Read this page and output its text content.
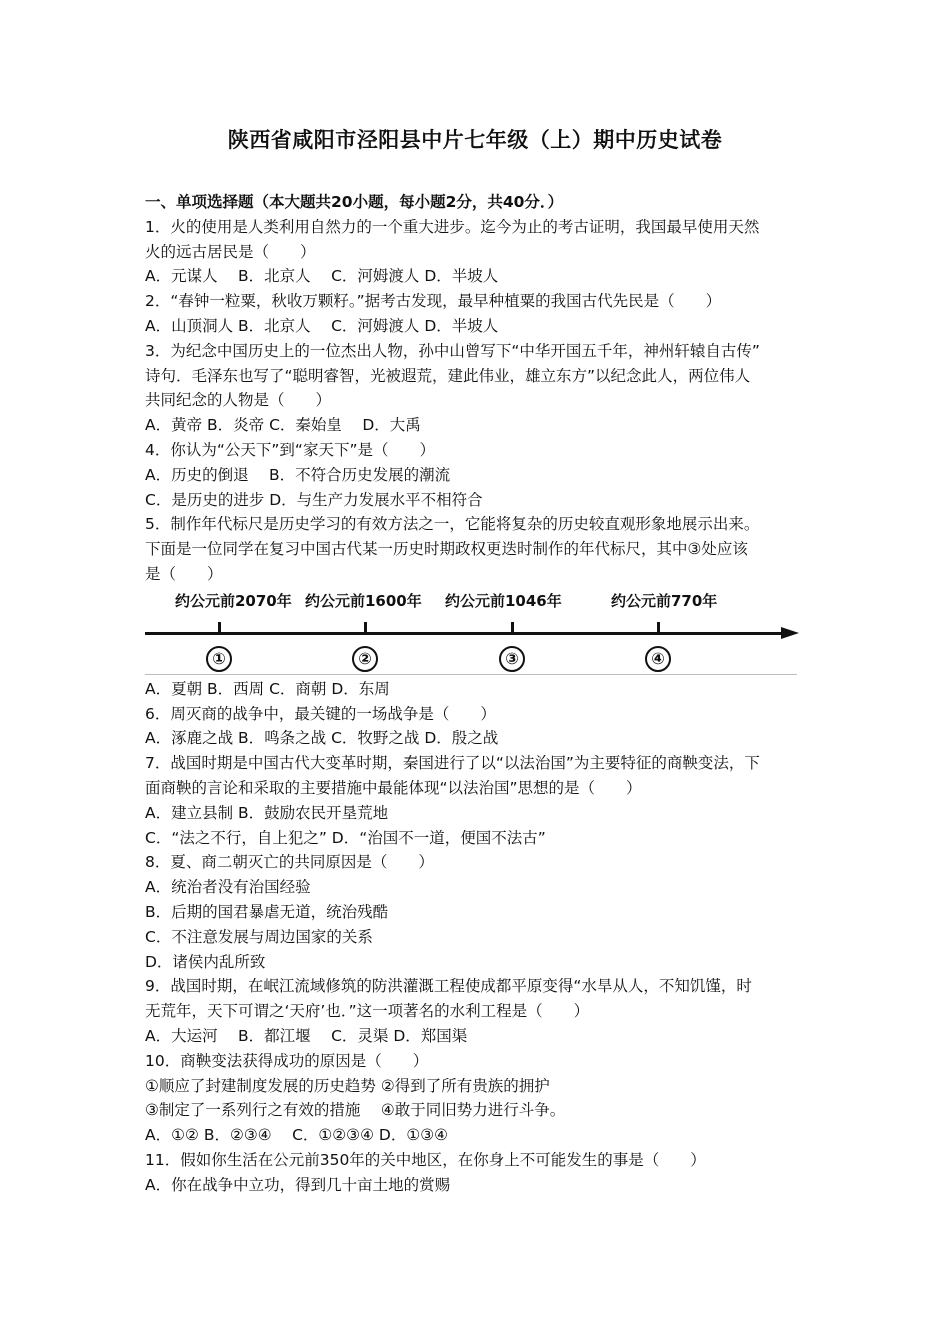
陕西省咸阳市泾阳县中片七年级（上）期中历史试卷
一、单项选择题（本大题共20小题，每小题2分，共40分．）
1．火的使用是人类利用自然力的一个重大进步。迄今为止的考古证明，我国最早使用天然
火的远古居民是（　　）
A．元谋人　 B．北京人　 C．河姆渡人 D．半坡人
2．“春钟一粒粟，秋收万颗籽。”据考古发现，最早种植粟的我国古代先民是（　　）
A．山顶洞人 B．北京人　 C．河姆渡人 D．半坡人
3．为纪念中国历史上的一位杰出人物，孙中山曾写下“中华开国五千年，神州轩辕自古传”
诗句．毛泽东也写了“聪明睿智，光被遐荒，建此伟业，雄立东方”以纪念此人，两位伟人
共同纪念的人物是（　　）
A．黄帝 B．炎帝 C．秦始皇　 D．大禹
4．你认为“公天下”到“家天下”是（　　）
A．历史的倒退　 B．不符合历史发展的潮流
C．是历史的进步 D．与生产力发展水平不相符合
5．制作年代标尺是历史学习的有效方法之一，它能将复杂的历史较直观形象地展示出来。
下面是一位同学在复习中国古代某一历史时期政权更迭时制作的年代标尺，其中③处应该
是（　　）
约公元前2070年 约公元前1600年 约公元前1046年	约公元前770年
①	②	③	④
A．夏朝 B．西周 C．商朝 D．东周
6．周灭商的战争中，最关键的一场战争是（　　）
A．涿鹿之战 B．鸣条之战 C．牧野之战 D．殷之战
7．战国时期是中国古代大变革时期，秦国进行了以“以法治国”为主要特征的商鞅变法，下
面商鞅的言论和采取的主要措施中最能体现“以法治国”思想的是（　　）
A．建立县制 B．鼓励农民开垦荒地
C．“法之不行，自上犯之” D．“治国不一道，便国不法古”
8．夏、商二朝灭亡的共同原因是（　　）
A．统治者没有治国经验
B．后期的国君暴虐无道，统治残酷
C．不注意发展与周边国家的关系
D．诸侯内乱所致
9．战国时期，在岷江流域修筑的防洪灌溉工程使成都平原变得“水旱从人，不知饥馑，时
无荒年，天下可谓之‘天府’也．”这一项著名的水利工程是（　　）
A．大运河　 B．都江堰　 C．灵渠 D．郑国渠
10．商鞅变法获得成功的原因是（　　）
①顺应了封建制度发展的历史趋势 ②得到了所有贵族的拥护
③制定了一系列行之有效的措施　 ④敢于同旧势力进行斗争。
A．①② B．②③④　 C．①②③④ D．①③④
11．假如你生活在公元前350年的关中地区，在你身上不可能发生的事是（　　）
A．你在战争中立功，得到几十亩土地的赏赐
